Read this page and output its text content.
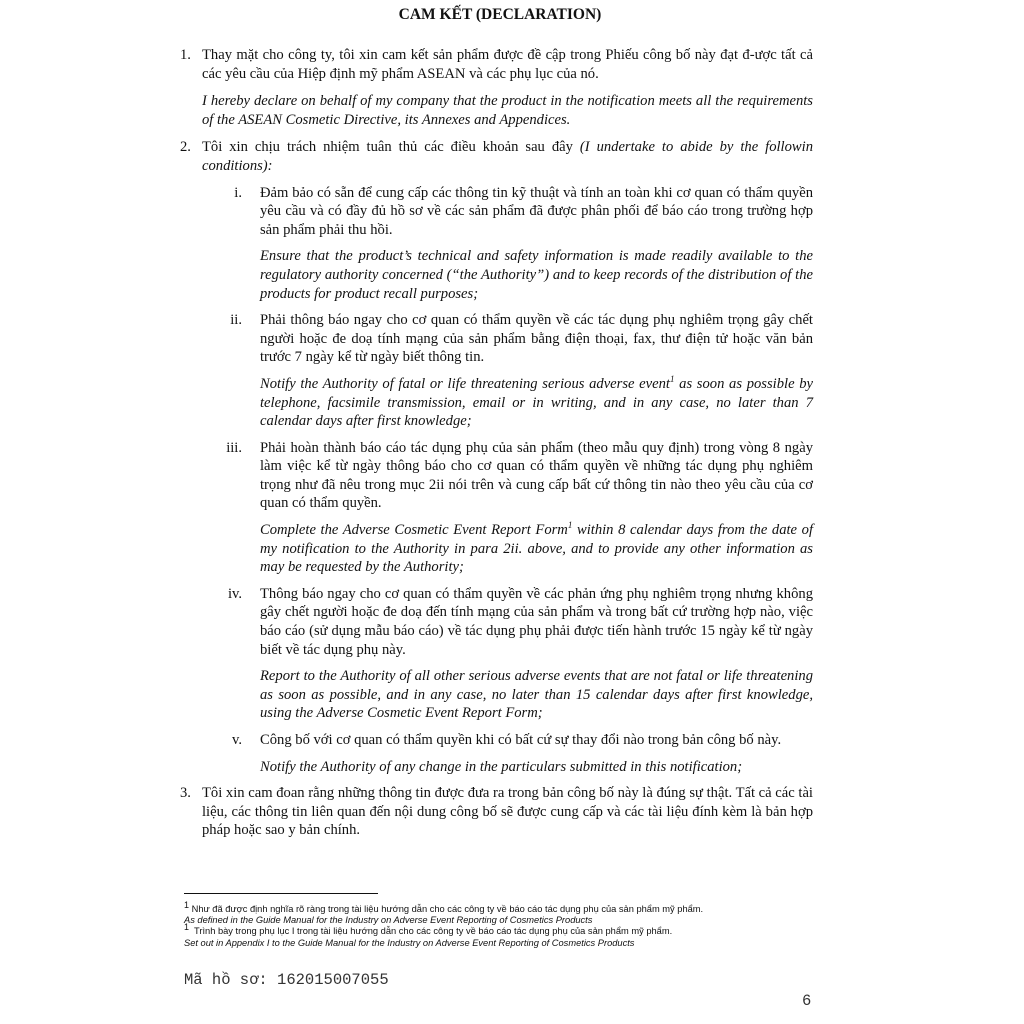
CAM KẾT (DECLARATION)
1. Thay mặt cho công ty, tôi xin cam kết sản phẩm được đề cập trong Phiếu công bố này đạt đ-ược tất cả các yêu cầu của Hiệp định mỹ phẩm ASEAN và các phụ lục của nó.

I hereby declare on behalf of my company that the product in the notification meets all the requirements of the ASEAN Cosmetic Directive, its Annexes and Appendices.

2. Tôi xin chịu trách nhiệm tuân thủ các điều khoản sau đây (I undertake to abide by the followin conditions):

i.	Đảm bảo có sẵn để cung cấp các thông tin kỹ thuật và tính an toàn khi cơ quan có thẩm quyền yêu cầu và có đầy đủ hồ sơ về các sản phẩm đã được phân phối để báo cáo trong trường hợp sản phẩm phải thu hồi.

Ensure that the product’s technical and safety information is made readily available to the regulatory authority concerned (“the Authority”) and to keep records of the distribution of the products for product recall purposes;

ii.	Phải thông báo ngay cho cơ quan có thẩm quyền về các tác dụng phụ nghiêm trọng gây chết người hoặc đe doạ tính mạng của sản phẩm bằng điện thoại, fax, thư điện tử hoặc văn bản trước 7 ngày kể từ ngày biết thông tin.

Notify the Authority of fatal or life threatening serious adverse event$^1$ as soon as possible by telephone, facsimile transmission, email or in writing, and in any case, no later than 7 calendar days after first knowledge;

iii.	Phải hoàn thành báo cáo tác dụng phụ của sản phẩm (theo mẫu quy định) trong vòng 8 ngày làm việc kể từ ngày thông báo cho cơ quan có thẩm quyền về những tác dụng phụ nghiêm trọng như đã nêu trong mục 2ii nói trên và cung cấp bất cứ thông tin nào theo yêu cầu của cơ quan có thẩm quyền.

Complete the Adverse Cosmetic Event Report Form$^1$ within 8 calendar days from the date of my notification to the Authority in para 2ii. above, and to provide any other information as may be requested by the Authority;

iv.	Thông báo ngay cho cơ quan có thẩm quyền về các phản ứng phụ nghiêm trọng nhưng không gây chết người hoặc đe doạ đến tính mạng của sản phẩm và trong bất cứ trường hợp nào, việc báo cáo (sử dụng mẫu báo cáo) về tác dụng phụ phải được tiến hành trước 15 ngày kể từ ngày biết về tác dụng phụ này.

Report to the Authority of all other serious adverse events that are not fatal or life threatening as soon as possible, and in any case, no later than 15 calendar days after first knowledge, using the Adverse Cosmetic Event Report Form;

v.	Công bố với cơ quan có thẩm quyền khi có bất cứ sự thay đổi nào trong bản công bố này.

Notify the Authority of any change in the particulars submitted in this notification;

3. Tôi xin cam đoan rằng những thông tin được đưa ra trong bản công bố này là đúng sự thật. Tất cả các tài liệu, các thông tin liên quan đến nội dung công bố sẽ được cung cấp và các tài liệu đính kèm là bản hợp pháp hoặc sao y bản chính.

$^1$ Như đã được định nghĩa rõ ràng trong tài liệu hướng dẫn cho các công ty về báo cáo tác dụng phụ của sản phẩm mỹ phẩm.

As defined in the Guide Manual for the Industry on Adverse Event Reporting of Cosmetics Products

$^1$ Trình bày trong phụ lục I trong tài liệu hướng dẫn cho các công ty về báo cáo tác dụng phụ của sản phẩm mỹ phẩm.

Set out in Appendix I to the Guide Manual for the Industry on Adverse Event Reporting of Cosmetics Products

Mã hồ sơ: 162015007055
6
